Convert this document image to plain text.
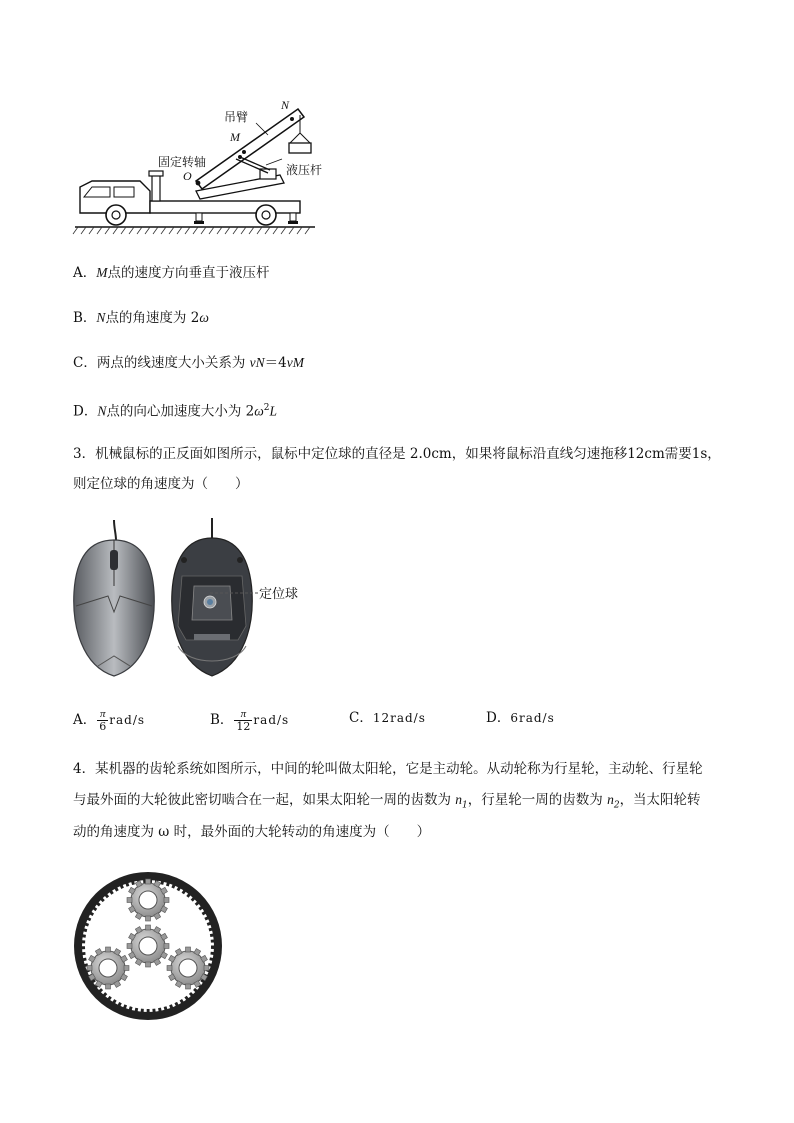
吊臂
固定转轴
液压杆
N
M
O
A．M点的速度方向垂直于液压杆
B．N点的角速度为 2ω
C．两点的线速度大小关系为 vN＝4vM
D．N点的向心加速度大小为 $2\omega^2L$
3．机械鼠标的正反面如图所示，鼠标中定位球的直径是 2.0cm，如果将鼠标沿直线匀速拖移12cm需要1s，
则定位球的角速度为（　　）
定位球
A． $\frac{\pi}{6} rad/s$	B． $\frac{\pi}{12} rad/s$	C．12rad/s	D．6rad/s
4．某机器的齿轮系统如图所示，中间的轮叫做太阳轮，它是主动轮。从动轮称为行星轮，主动轮、行星轮
与最外面的大轮彼此密切啮合在一起，如果太阳轮一周的齿数为 $n_1$，行星轮一周的齿数为 $n_2$，当太阳轮转
动的角速度为 ω 时，最外面的大轮转动的角速度为（　　）
